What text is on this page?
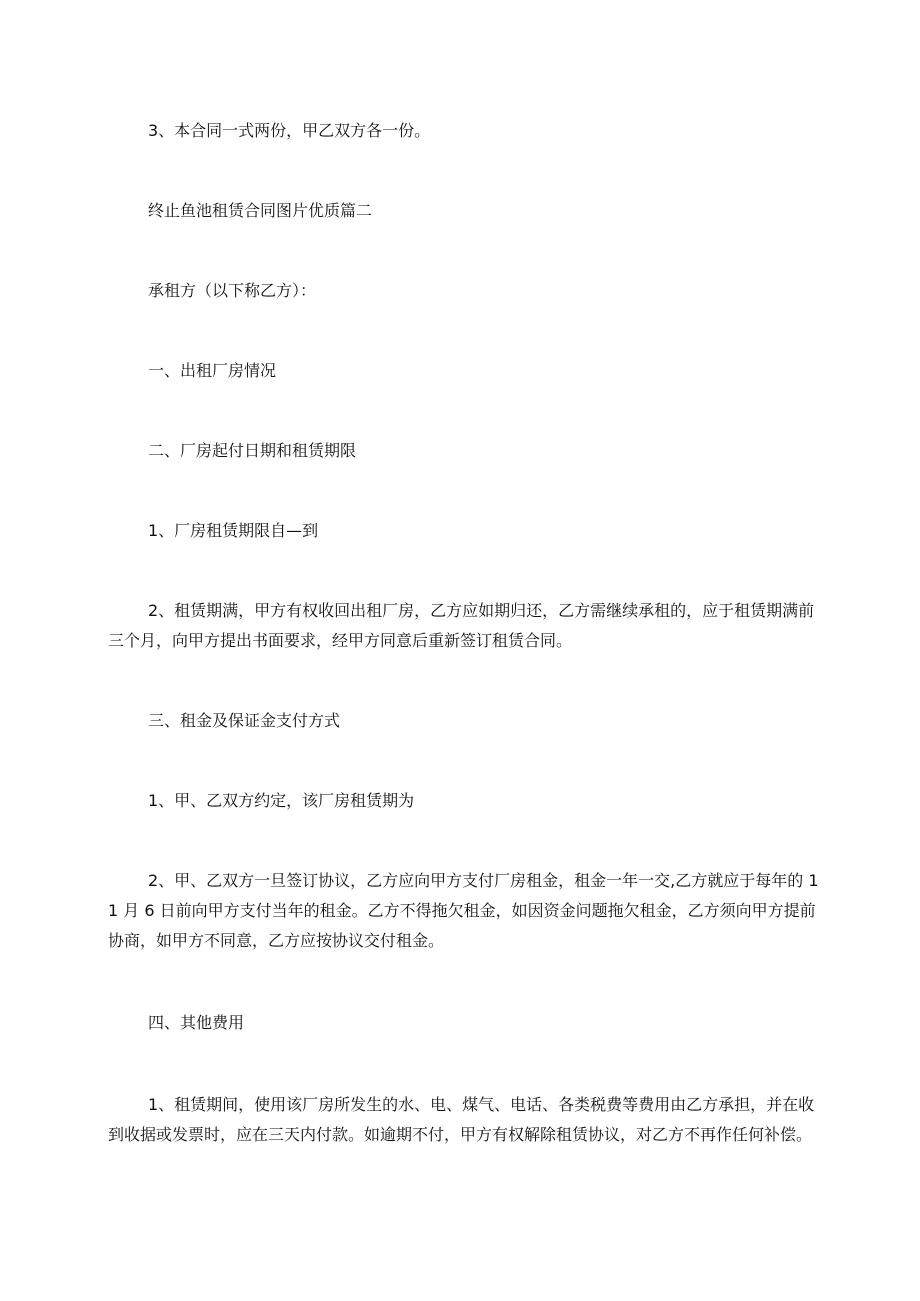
3、本合同一式两份，甲乙双方各一份。

终止鱼池租赁合同图片优质篇二

承租方（以下称乙方）：

一、出租厂房情况

二、厂房起付日期和租赁期限

1、厂房租赁期限自—到

2、租赁期满，甲方有权收回出租厂房，乙方应如期归还，乙方需继续承租的，应于租赁期满前三个月，向甲方提出书面要求，经甲方同意后重新签订租赁合同。

三、租金及保证金支付方式

1、甲、乙双方约定，该厂房租赁期为

2、甲、乙双方一旦签订协议，乙方应向甲方支付厂房租金，租金一年一交,乙方就应于每年的 11 月 6 日前向甲方支付当年的租金。乙方不得拖欠租金，如因资金问题拖欠租金，乙方须向甲方提前协商，如甲方不同意，乙方应按协议交付租金。

四、其他费用

1、租赁期间，使用该厂房所发生的水、电、煤气、电话、各类税费等费用由乙方承担，并在收到收据或发票时，应在三天内付款。如逾期不付，甲方有权解除租赁协议，对乙方不再作任何补偿。
